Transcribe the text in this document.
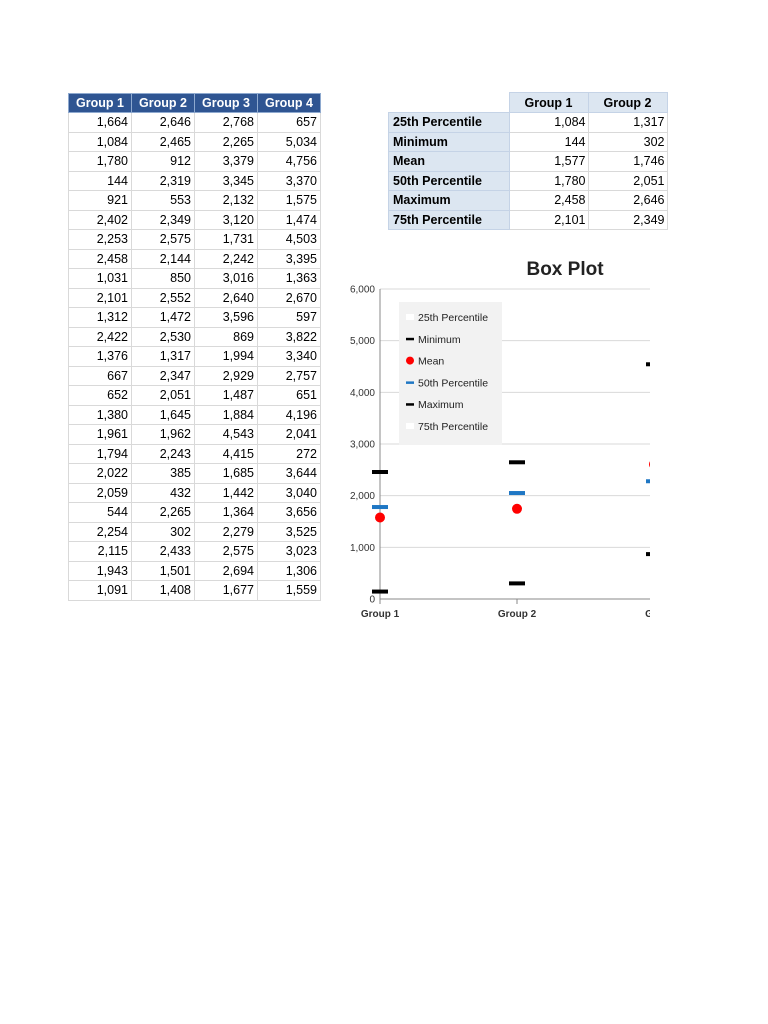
Group 1	Group 2	Group 3	Group 4
1,664	2,646	2,768	657
1,084	2,465	2,265	5,034
1,780	912	3,379	4,756
144	2,319	3,345	3,370
921	553	2,132	1,575
2,402	2,349	3,120	1,474
2,253	2,575	1,731	4,503
2,458	2,144	2,242	3,395
1,031	850	3,016	1,363
2,101	2,552	2,640	2,670
1,312	1,472	3,596	597
2,422	2,530	869	3,822
1,376	1,317	1,994	3,340
667	2,347	2,929	2,757
652	2,051	1,487	651
1,380	1,645	1,884	4,196
1,961	1,962	4,543	2,041
1,794	2,243	4,415	272
2,022	385	1,685	3,644
2,059	432	1,442	3,040
544	2,265	1,364	3,656
2,254	302	2,279	3,525
2,115	2,433	2,575	3,023
1,943	1,501	2,694	1,306
1,091	1,408	1,677	1,559
	Group 1	Group 2
25th Percentile	1,084	1,317
Minimum	144	302
Mean	1,577	1,746
50th Percentile	1,780	2,051
Maximum	2,458	2,646
75th Percentile	2,101	2,349
Box Plot
0
1,000
2,000
3,000
4,000
5,000
6,000
Group 1	Group 2	Gro
25th Percentile
Minimum
Mean
50th Percentile
Maximum
75th Percentile
